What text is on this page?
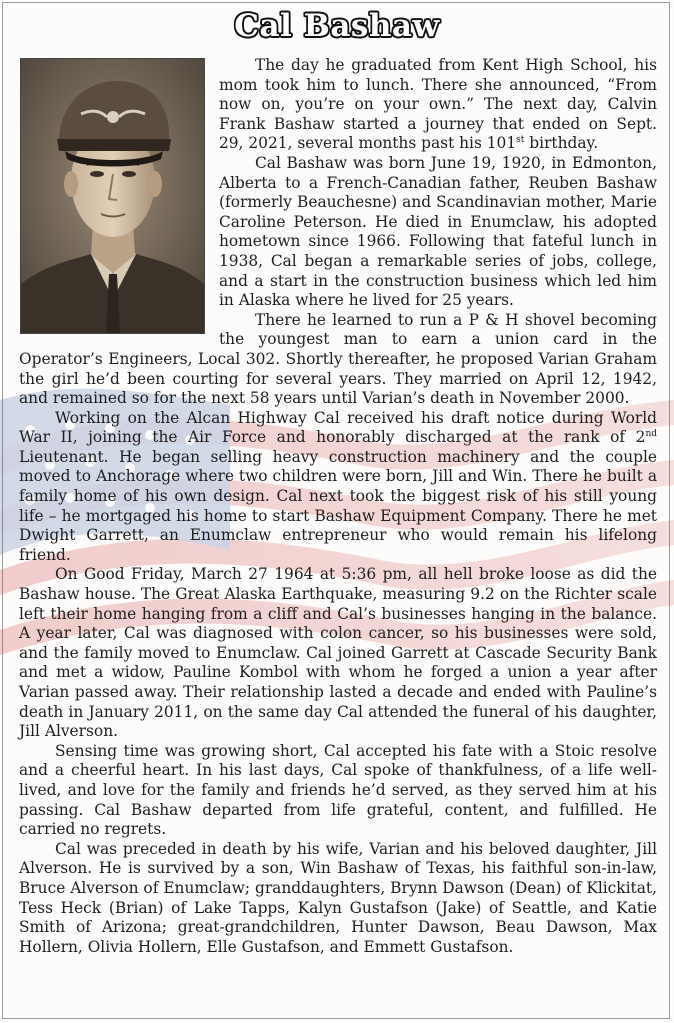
Cal Bashaw

The day he graduated from Kent High School, his mom took him to lunch. There she announced, “From now on, you’re on your own.” The next day, Calvin Frank Bashaw started a journey that ended on Sept. 29, 2021, several months past his 101st birthday.

Cal Bashaw was born June 19, 1920, in Edmonton, Alberta to a French-Canadian father, Reuben Bashaw (formerly Beauchesne) and Scandinavian mother, Marie Caroline Peterson. He died in Enumclaw, his adopted hometown since 1966. Following that fateful lunch in 1938, Cal began a remarkable series of jobs, college, and a start in the construction business which led him in Alaska where he lived for 25 years.

There he learned to run a P & H shovel becoming the youngest man to earn a union card in the Operator’s Engineers, Local 302. Shortly thereafter, he proposed Varian Graham the girl he’d been courting for several years. They married on April 12, 1942, and remained so for the next 58 years until Varian’s death in November 2000.

Working on the Alcan Highway Cal received his draft notice during World War II, joining the Air Force and honorably discharged at the rank of 2nd Lieutenant. He began selling heavy construction machinery and the couple moved to Anchorage where two children were born, Jill and Win. There he built a family home of his own design. Cal next took the biggest risk of his still young life – he mortgaged his home to start Bashaw Equipment Company. There he met Dwight Garrett, an Enumclaw entrepreneur who would remain his lifelong friend.

On Good Friday, March 27 1964 at 5:36 pm, all hell broke loose as did the Bashaw house. The Great Alaska Earthquake, measuring 9.2 on the Richter scale left their home hanging from a cliff and Cal’s businesses hanging in the balance. A year later, Cal was diagnosed with colon cancer, so his businesses were sold, and the family moved to Enumclaw. Cal joined Garrett at Cascade Security Bank and met a widow, Pauline Kombol with whom he forged a union a year after Varian passed away. Their relationship lasted a decade and ended with Pauline’s death in January 2011, on the same day Cal attended the funeral of his daughter, Jill Alverson.

Sensing time was growing short, Cal accepted his fate with a Stoic resolve and a cheerful heart. In his last days, Cal spoke of thankfulness, of a life well-lived, and love for the family and friends he’d served, as they served him at his passing. Cal Bashaw departed from life grateful, content, and fulfilled. He carried no regrets.

Cal was preceded in death by his wife, Varian and his beloved daughter, Jill Alverson. He is survived by a son, Win Bashaw of Texas, his faithful son-in-law, Bruce Alverson of Enumclaw; granddaughters, Brynn Dawson (Dean) of Klickitat, Tess Heck (Brian) of Lake Tapps, Kalyn Gustafson (Jake) of Seattle, and Katie Smith of Arizona; great-grandchildren, Hunter Dawson, Beau Dawson, Max Hollern, Olivia Hollern, Elle Gustafson, and Emmett Gustafson.
